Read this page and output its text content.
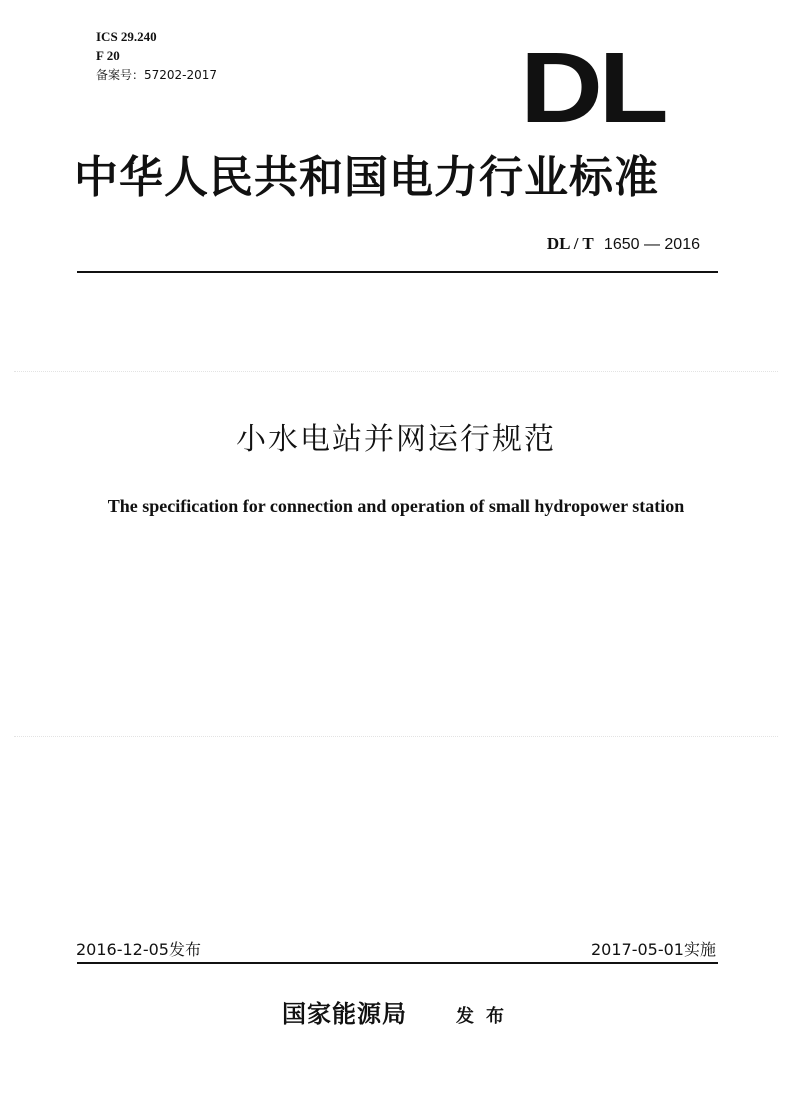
ICS 29.240
F 20
备案号：57202-2017	DL
中华人民共和国电力行业标准
DL / T 1650 — 2016
小水电站并网运行规范
The specification for connection and operation of small hydropower station
2016-12-05发布	2017-05-01实施
国家能源局	发布
